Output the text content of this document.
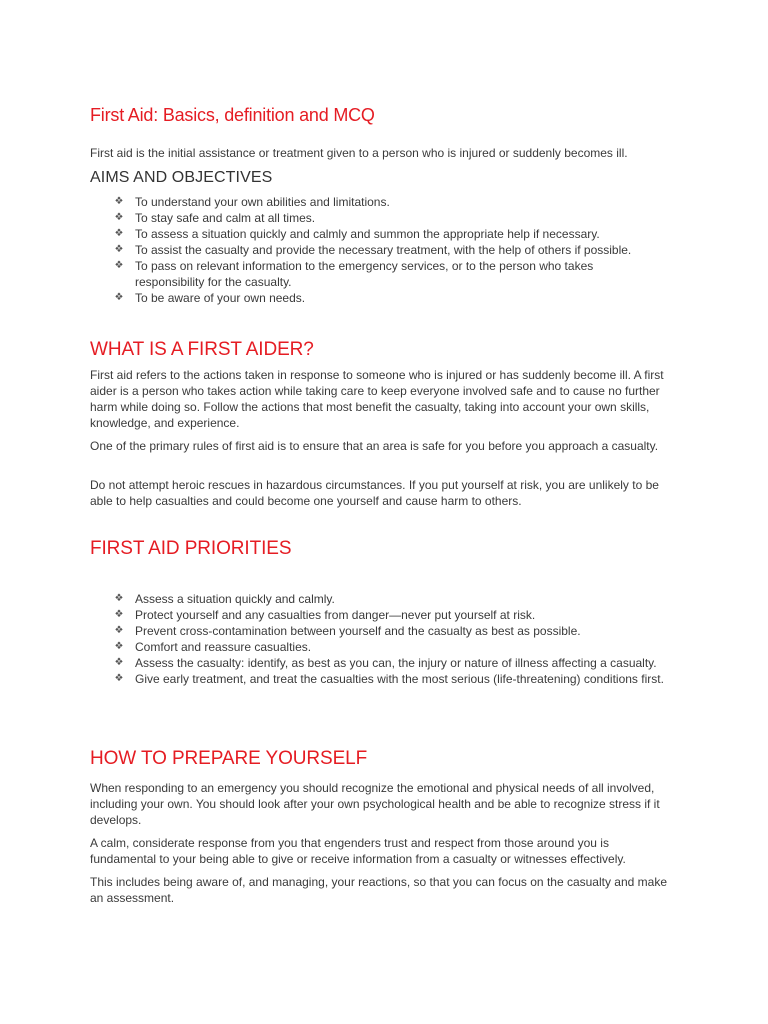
First Aid: Basics, definition and MCQ

First aid is the initial assistance or treatment given to a person who is injured or suddenly becomes ill.

AIMS AND OBJECTIVES
❖ To understand your own abilities and limitations.
❖ To stay safe and calm at all times.
❖ To assess a situation quickly and calmly and summon the appropriate help if necessary.
❖ To assist the casualty and provide the necessary treatment, with the help of others if possible.
❖ To pass on relevant information to the emergency services, or to the person who takes responsibility for the casualty.
❖ To be aware of your own needs.
WHAT IS A FIRST AIDER?

First aid refers to the actions taken in response to someone who is injured or has suddenly become ill. A first aider is a person who takes action while taking care to keep everyone involved safe and to cause no further harm while doing so. Follow the actions that most benefit the casualty, taking into account your own skills, knowledge, and experience.

One of the primary rules of first aid is to ensure that an area is safe for you before you approach a casualty.

Do not attempt heroic rescues in hazardous circumstances. If you put yourself at risk, you are unlikely to be able to help casualties and could become one yourself and cause harm to others.

FIRST AID PRIORITIES
❖ Assess a situation quickly and calmly.
❖ Protect yourself and any casualties from danger—never put yourself at risk.
❖ Prevent cross-contamination between yourself and the casualty as best as possible.
❖ Comfort and reassure casualties.
❖ Assess the casualty: identify, as best as you can, the injury or nature of illness affecting a casualty.
❖ Give early treatment, and treat the casualties with the most serious (life-threatening) conditions first.
HOW TO PREPARE YOURSELF

When responding to an emergency you should recognize the emotional and physical needs of all involved, including your own. You should look after your own psychological health and be able to recognize stress if it develops.

A calm, considerate response from you that engenders trust and respect from those around you is fundamental to your being able to give or receive information from a casualty or witnesses effectively.

This includes being aware of, and managing, your reactions, so that you can focus on the casualty and make an assessment.
